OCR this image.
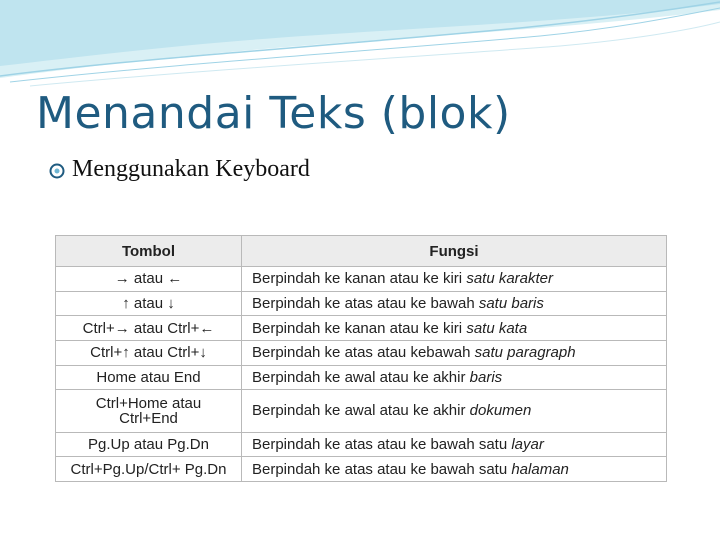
Menandai Teks (blok)
Menggunakan Keyboard
Tombol	Fungsi

→ atau ←	Berpindah ke kanan atau ke kiri satu karakter

↑ atau ↓	Berpindah ke atas atau ke bawah satu baris

Ctrl+→ atau Ctrl+←	Berpindah ke kanan atau ke kiri satu kata

Ctrl+↑ atau Ctrl+↓	Berpindah ke atas atau kebawah satu paragraph

Home atau End	Berpindah ke awal atau ke akhir baris

Ctrl+Home atau
Ctrl+End	Berpindah ke awal atau ke akhir dokumen

Pg.Up atau Pg.Dn	Berpindah ke atas atau ke bawah satu layar

Ctrl+Pg.Up/Ctrl+ Pg.Dn	Berpindah ke atas atau ke bawah satu halaman
